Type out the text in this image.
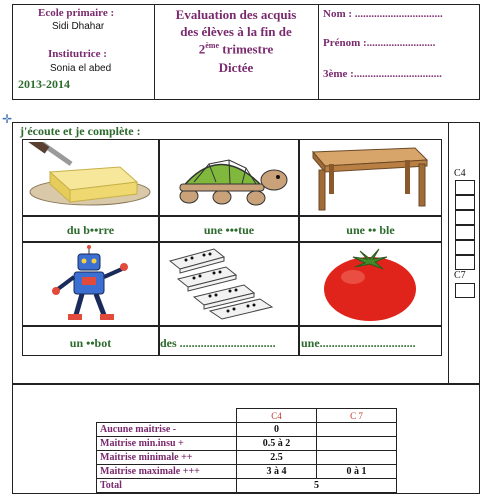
Ecole primaire :
Sidi Dhahar
Institutrice :
Sonia el abed
2013-2014
Evaluation des acquis
des élèves à la fin de
2ème trimestre
Dictée
Nom : ................................
Prénom :.........................
3ème :................................
✛
j'écoute et je complète :
du b••rre	une •••tue	une •• ble
un ••bot	des ................................	une................................
C4
C7
	C4	C 7
Aucune maitrise -	0	
Maitrise min.insu +	0.5 à 2	
Maitrise minimale ++	2.5	
Maitrise maximale +++	3 à 4	0 à 1
Total	5	
